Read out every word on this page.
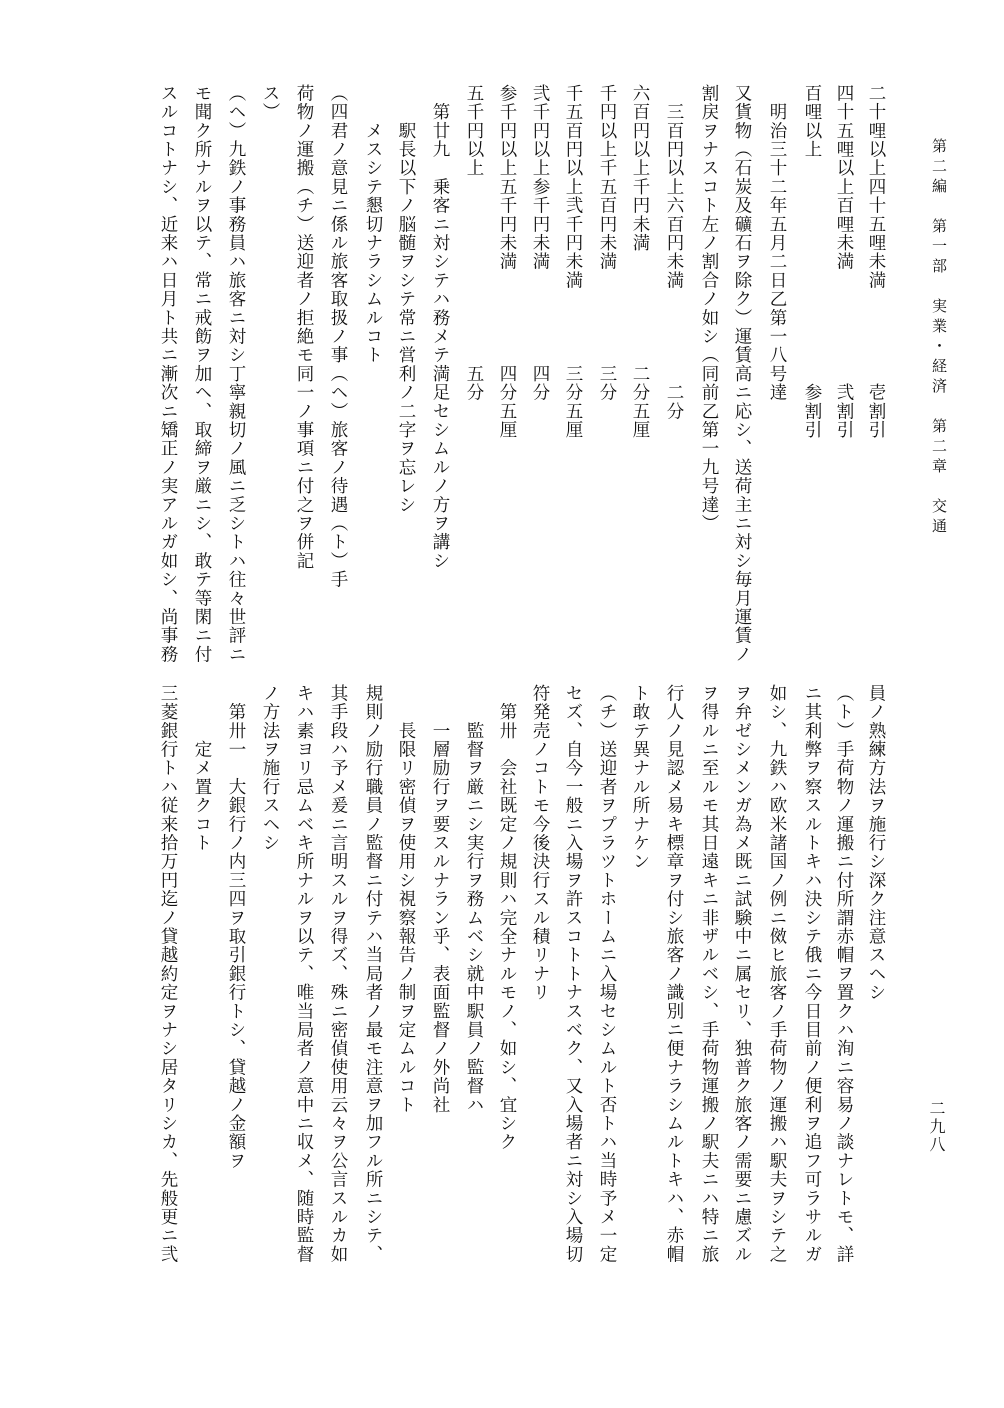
第二編　第一部　実業・経済　第二章　交通
二九八
二十哩以上四十五哩未満　　　　　壱割引
四十五哩以上百哩未満　　　　　　弐割引
百哩以上　　　　　　　　　　　　参割引
　明治三十二年五月二日乙第一八号達
又貨物（石炭及礦石ヲ除ク）運賃高ニ応シ、送荷主ニ対シ毎月運賃ノ
割戻ヲナスコト左ノ割合ノ如シ（同前乙第一九号達）
　三百円以上六百円未満　　　　　二分
六百円以上千円未満　　　　　　二分五厘
千円以上千五百円未満　　　　　三分
千五百円以上弐千円未満　　　　三分五厘
弐千円以上参千円未満　　　　　四分
参千円以上五千円未満　　　　　四分五厘
五千円以上　　　　　　　　　　五分
　第廿九　乗客ニ対シテハ務メテ満足セシムルノ方ヲ講シ
　　駅長以下ノ脳髄ヲシテ常ニ営利ノ二字ヲ忘レシ
　　メスシテ懇切ナラシムルコト
（四君ノ意見ニ係ル旅客取扱ノ事（ヘ）旅客ノ待遇（ト）手
荷物ノ運搬（チ）送迎者ノ拒絶モ同一ノ事項ニ付之ヲ併記
ス）
（ヘ）九鉄ノ事務員ハ旅客ニ対シ丁寧親切ノ風ニ乏シトハ往々世評ニ
モ聞ク所ナルヲ以テ、常ニ戒飭ヲ加ヘ、取締ヲ厳ニシ、敢テ等閑ニ付
スルコトナシ、近来ハ日月ト共ニ漸次ニ矯正ノ実アルガ如シ、尚事務
員ノ熟練方法ヲ施行シ深ク注意スヘシ
（ト）手荷物ノ運搬ニ付所謂赤帽ヲ置クハ洵ニ容易ノ談ナレトモ、詳
ニ其利弊ヲ察スルトキハ決シテ俄ニ今日目前ノ便利ヲ追フ可ラサルガ
如シ、九鉄ハ欧米諸国ノ例ニ傚ヒ旅客ノ手荷物ノ運搬ハ駅夫ヲシテ之
ヲ弁ゼシメンガ為メ既ニ試験中ニ属セリ、独普ク旅客ノ需要ニ慮ズル
ヲ得ルニ至ルモ其日遠キニ非ザルベシ、手荷物運搬ノ駅夫ニハ特ニ旅
行人ノ見認メ易キ標章ヲ付シ旅客ノ識別ニ便ナラシムルトキハ、赤帽
ト敢テ異ナル所ナケン
（チ）送迎者ヲプラツトホームニ入場セシムルト否トハ当時予メ一定
セズ、自今一般ニ入場ヲ許スコトトナスベク、又入場者ニ対シ入場切
符発売ノコトモ今後決行スル積リナリ
　第卅　会社既定ノ規則ハ完全ナルモノ、如シ、宜シク
　　監督ヲ厳ニシ実行ヲ務ムベシ就中駅員ノ監督ハ
　　一層励行ヲ要スルナラン乎、表面監督ノ外尚社
　　長限リ密偵ヲ使用シ視察報告ノ制ヲ定ムルコト
規則ノ励行職員ノ監督ニ付テハ当局者ノ最モ注意ヲ加フル所ニシテ、
其手段ハ予メ爰ニ言明スルヲ得ズ、殊ニ密偵使用云々ヲ公言スルカ如
キハ素ヨリ忌ムベキ所ナルヲ以テ、唯当局者ノ意中ニ収メ、随時監督
ノ方法ヲ施行スヘシ
　第卅一　大銀行ノ内三四ヲ取引銀行トシ、貸越ノ金額ヲ
　　　定メ置クコト
三菱銀行トハ従来拾万円迄ノ貸越約定ヲナシ居タリシカ、先般更ニ弐
